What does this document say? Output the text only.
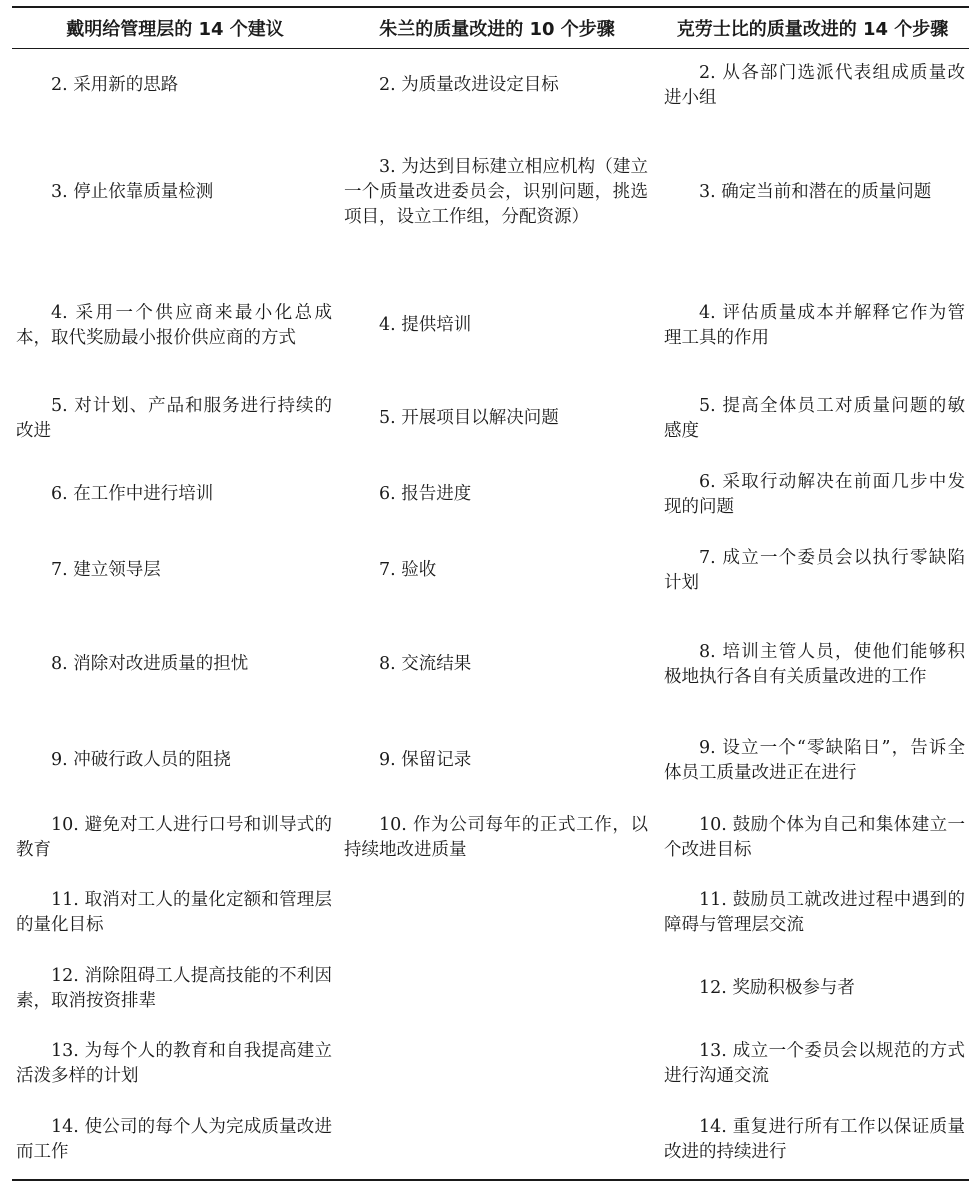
戴明给管理层的 14 个建议	朱兰的质量改进的 10 个步骤	克劳士比的质量改进的 14 个步骤

2. 采用新的思路	2. 为质量改进设定目标	2. 从各部门选派代表组成质量改进小组

3. 停止依靠质量检测	3. 为达到目标建立相应机构（建立一个质量改进委员会，识别问题，挑选项目，设立工作组，分配资源）	3. 确定当前和潜在的质量问题

4. 采用一个供应商来最小化总成本，取代奖励最小报价供应商的方式	4. 提供培训	4. 评估质量成本并解释它作为管理工具的作用

5. 对计划、产品和服务进行持续的改进	5. 开展项目以解决问题	5. 提高全体员工对质量问题的敏感度

6. 在工作中进行培训	6. 报告进度	6. 采取行动解决在前面几步中发现的问题

7. 建立领导层	7. 验收	7. 成立一个委员会以执行零缺陷计划

8. 消除对改进质量的担忧	8. 交流结果	8. 培训主管人员，使他们能够积极地执行各自有关质量改进的工作

9. 冲破行政人员的阻挠	9. 保留记录	9. 设立一个“零缺陷日”，告诉全体员工质量改进正在进行

10. 避免对工人进行口号和训导式的教育	10. 作为公司每年的正式工作，以持续地改进质量	10. 鼓励个体为自己和集体建立一个改进目标

11. 取消对工人的量化定额和管理层的量化目标		11. 鼓励员工就改进过程中遇到的障碍与管理层交流

12. 消除阻碍工人提高技能的不利因素，取消按资排辈		12. 奖励积极参与者

13. 为每个人的教育和自我提高建立活泼多样的计划		13. 成立一个委员会以规范的方式进行沟通交流

14. 使公司的每个人为完成质量改进而工作		14. 重复进行所有工作以保证质量改进的持续进行
